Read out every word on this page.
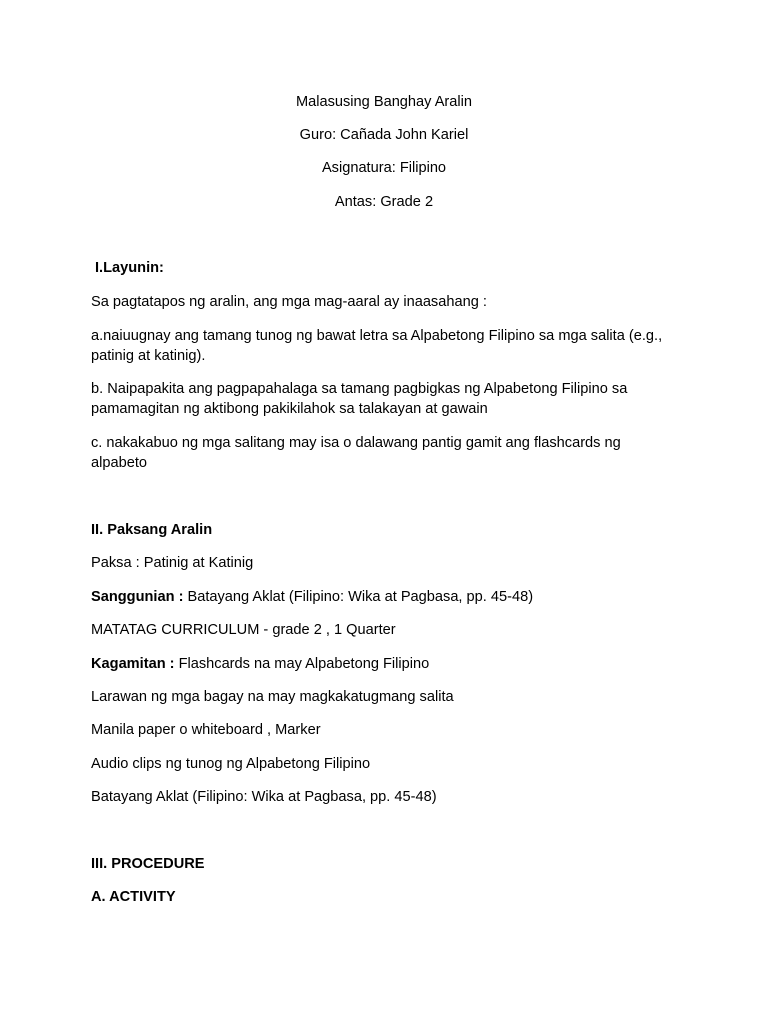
Malasusing Banghay Aralin
Guro: Cañada John Kariel
Asignatura: Filipino
Antas: Grade 2
I.Layunin:
Sa pagtatapos ng aralin, ang mga mag-aaral ay inaasahang :
a.naiuugnay ang tamang tunog ng bawat letra sa Alpabetong Filipino sa mga salita (e.g., patinig at katinig).
b. Naipapakita ang pagpapahalaga sa tamang pagbigkas ng Alpabetong Filipino sa pamamagitan ng aktibong pakikilahok sa talakayan at gawain
c. nakakabuo ng mga salitang may isa o dalawang pantig gamit ang flashcards ng alpabeto
II. Paksang Aralin
Paksa : Patinig at Katinig
Sanggunian : Batayang Aklat (Filipino: Wika at Pagbasa, pp. 45-48)
MATATAG CURRICULUM - grade 2 , 1 Quarter
Kagamitan : Flashcards na may Alpabetong Filipino
Larawan ng mga bagay na may magkakatugmang salita
Manila paper o whiteboard , Marker
Audio clips ng tunog ng Alpabetong Filipino
Batayang Aklat (Filipino: Wika at Pagbasa, pp. 45-48)
III. PROCEDURE
A. ACTIVITY
